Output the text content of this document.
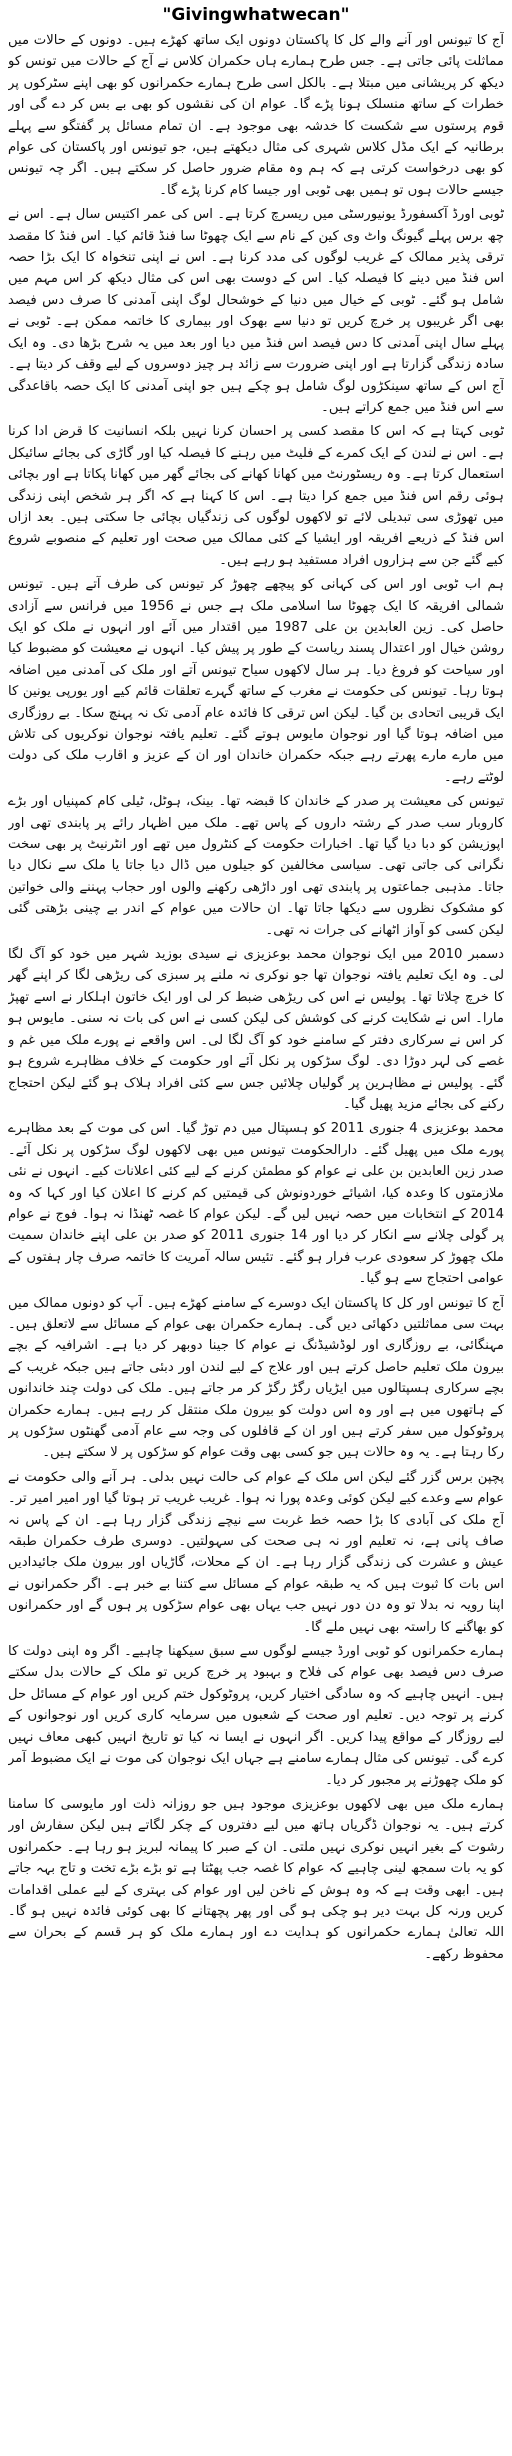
"Givingwhatwecan"

آج کا تیونس اور آنے والے کل کا پاکستان دونوں ایک ساتھ کھڑے ہیں۔ دونوں کے حالات میں مماثلت پائی جاتی ہے۔ جس طرح ہمارے ہاں حکمران کلاس نے آج کے حالات میں تونس کو دیکھ کر پریشانی میں مبتلا ہے۔ بالکل اسی طرح ہمارے حکمرانوں کو بھی اپنے سٹرکوں پر خطرات کے ساتھ منسلک ہونا پڑے گا۔ عوام ان کی نقشوں کو بھی بے بس کر دے گی اور قوم پرستوں سے شکست کا خدشہ بھی موجود ہے۔ ان تمام مسائل پر گفتگو سے پہلے برطانیہ کے ایک مڈل کلاس شہری کی مثال دیکھتے ہیں، جو تیونس اور پاکستان کی عوام کو بھی درخواست کرتی ہے کہ ہم وہ مقام ضرور حاصل کر سکتے ہیں۔ اگر چہ تیونس جیسے حالات ہوں تو ہمیں بھی ٹوبی اور جیسا کام کرنا پڑے گا۔

ٹوبی اورڈ آکسفورڈ یونیورسٹی میں ریسرچ کرتا ہے۔ اس کی عمر اکتیس سال ہے۔ اس نے چھ برس پہلے گیونگ واٹ وی کین کے نام سے ایک چھوٹا سا فنڈ قائم کیا۔ اس فنڈ کا مقصد ترقی پذیر ممالک کے غریب لوگوں کی مدد کرنا ہے۔ اس نے اپنی تنخواہ کا ایک بڑا حصہ اس فنڈ میں دینے کا فیصلہ کیا۔ اس کے دوست بھی اس کی مثال دیکھ کر اس مہم میں شامل ہو گئے۔ ٹوبی کے خیال میں دنیا کے خوشحال لوگ اپنی آمدنی کا صرف دس فیصد بھی اگر غریبوں پر خرچ کریں تو دنیا سے بھوک اور بیماری کا خاتمہ ممکن ہے۔ ٹوبی نے پہلے سال اپنی آمدنی کا دس فیصد اس فنڈ میں دیا اور بعد میں یہ شرح بڑھا دی۔ وہ ایک سادہ زندگی گزارتا ہے اور اپنی ضرورت سے زائد ہر چیز دوسروں کے لیے وقف کر دیتا ہے۔ آج اس کے ساتھ سینکڑوں لوگ شامل ہو چکے ہیں جو اپنی آمدنی کا ایک حصہ باقاعدگی سے اس فنڈ میں جمع کراتے ہیں۔

ٹوبی کہتا ہے کہ اس کا مقصد کسی پر احسان کرنا نہیں بلکہ انسانیت کا قرض ادا کرنا ہے۔ اس نے لندن کے ایک کمرے کے فلیٹ میں رہنے کا فیصلہ کیا اور گاڑی کی بجائے سائیکل استعمال کرتا ہے۔ وہ ریسٹورنٹ میں کھانا کھانے کی بجائے گھر میں کھانا پکاتا ہے اور بچائی ہوئی رقم اس فنڈ میں جمع کرا دیتا ہے۔ اس کا کہنا ہے کہ اگر ہر شخص اپنی زندگی میں تھوڑی سی تبدیلی لائے تو لاکھوں لوگوں کی زندگیاں بچائی جا سکتی ہیں۔ بعد ازاں اس فنڈ کے ذریعے افریقہ اور ایشیا کے کئی ممالک میں صحت اور تعلیم کے منصوبے شروع کیے گئے جن سے ہزاروں افراد مستفید ہو رہے ہیں۔

ہم اب ٹوبی اور اس کی کہانی کو پیچھے چھوڑ کر تیونس کی طرف آتے ہیں۔ تیونس شمالی افریقہ کا ایک چھوٹا سا اسلامی ملک ہے جس نے 1956 میں فرانس سے آزادی حاصل کی۔ زین العابدین بن علی 1987 میں اقتدار میں آئے اور انہوں نے ملک کو ایک روشن خیال اور اعتدال پسند ریاست کے طور پر پیش کیا۔ انہوں نے معیشت کو مضبوط کیا اور سیاحت کو فروغ دیا۔ ہر سال لاکھوں سیاح تیونس آتے اور ملک کی آمدنی میں اضافہ ہوتا رہا۔ تیونس کی حکومت نے مغرب کے ساتھ گہرے تعلقات قائم کیے اور یورپی یونین کا ایک قریبی اتحادی بن گیا۔ لیکن اس ترقی کا فائدہ عام آدمی تک نہ پہنچ سکا۔ بے روزگاری میں اضافہ ہوتا گیا اور نوجوان مایوس ہوتے گئے۔ تعلیم یافتہ نوجوان نوکریوں کی تلاش میں مارے مارے پھرتے رہے جبکہ حکمران خاندان اور ان کے عزیز و اقارب ملک کی دولت لوٹتے رہے۔

تیونس کی معیشت پر صدر کے خاندان کا قبضہ تھا۔ بینک، ہوٹل، ٹیلی کام کمپنیاں اور بڑے کاروبار سب صدر کے رشتہ داروں کے پاس تھے۔ ملک میں اظہار رائے پر پابندی تھی اور اپوزیشن کو دبا دیا گیا تھا۔ اخبارات حکومت کے کنٹرول میں تھے اور انٹرنیٹ پر بھی سخت نگرانی کی جاتی تھی۔ سیاسی مخالفین کو جیلوں میں ڈال دیا جاتا یا ملک سے نکال دیا جاتا۔ مذہبی جماعتوں پر پابندی تھی اور داڑھی رکھنے والوں اور حجاب پہننے والی خواتین کو مشکوک نظروں سے دیکھا جاتا تھا۔ ان حالات میں عوام کے اندر بے چینی بڑھتی گئی لیکن کسی کو آواز اٹھانے کی جرات نہ تھی۔

دسمبر 2010 میں ایک نوجوان محمد بوعزیزی نے سیدی بوزید شہر میں خود کو آگ لگا لی۔ وہ ایک تعلیم یافتہ نوجوان تھا جو نوکری نہ ملنے پر سبزی کی ریڑھی لگا کر اپنے گھر کا خرچ چلاتا تھا۔ پولیس نے اس کی ریڑھی ضبط کر لی اور ایک خاتون اہلکار نے اسے تھپڑ مارا۔ اس نے شکایت کرنے کی کوشش کی لیکن کسی نے اس کی بات نہ سنی۔ مایوس ہو کر اس نے سرکاری دفتر کے سامنے خود کو آگ لگا لی۔ اس واقعے نے پورے ملک میں غم و غصے کی لہر دوڑا دی۔ لوگ سڑکوں پر نکل آئے اور حکومت کے خلاف مظاہرے شروع ہو گئے۔ پولیس نے مظاہرین پر گولیاں چلائیں جس سے کئی افراد ہلاک ہو گئے لیکن احتجاج رکنے کی بجائے مزید پھیل گیا۔

محمد بوعزیزی 4 جنوری 2011 کو ہسپتال میں دم توڑ گیا۔ اس کی موت کے بعد مظاہرے پورے ملک میں پھیل گئے۔ دارالحکومت تیونس میں بھی لاکھوں لوگ سڑکوں پر نکل آئے۔ صدر زین العابدین بن علی نے عوام کو مطمئن کرنے کے لیے کئی اعلانات کیے۔ انہوں نے نئی ملازمتوں کا وعدہ کیا، اشیائے خوردونوش کی قیمتیں کم کرنے کا اعلان کیا اور کہا کہ وہ 2014 کے انتخابات میں حصہ نہیں لیں گے۔ لیکن عوام کا غصہ ٹھنڈا نہ ہوا۔ فوج نے عوام پر گولی چلانے سے انکار کر دیا اور 14 جنوری 2011 کو صدر بن علی اپنے خاندان سمیت ملک چھوڑ کر سعودی عرب فرار ہو گئے۔ تئیس سالہ آمریت کا خاتمہ صرف چار ہفتوں کے عوامی احتجاج سے ہو گیا۔

آج کا تیونس اور کل کا پاکستان ایک دوسرے کے سامنے کھڑے ہیں۔ آپ کو دونوں ممالک میں بہت سی مماثلتیں دکھائی دیں گی۔ ہمارے حکمران بھی عوام کے مسائل سے لاتعلق ہیں۔ مہنگائی، بے روزگاری اور لوڈشیڈنگ نے عوام کا جینا دوبھر کر دیا ہے۔ اشرافیہ کے بچے بیرون ملک تعلیم حاصل کرتے ہیں اور علاج کے لیے لندن اور دبئی جاتے ہیں جبکہ غریب کے بچے سرکاری ہسپتالوں میں ایڑیاں رگڑ رگڑ کر مر جاتے ہیں۔ ملک کی دولت چند خاندانوں کے ہاتھوں میں ہے اور وہ اس دولت کو بیرون ملک منتقل کر رہے ہیں۔ ہمارے حکمران پروٹوکول میں سفر کرتے ہیں اور ان کے قافلوں کی وجہ سے عام آدمی گھنٹوں سڑکوں پر رکا رہتا ہے۔ یہ وہ حالات ہیں جو کسی بھی وقت عوام کو سڑکوں پر لا سکتے ہیں۔

پچپن برس گزر گئے لیکن اس ملک کے عوام کی حالت نہیں بدلی۔ ہر آنے والی حکومت نے عوام سے وعدے کیے لیکن کوئی وعدہ پورا نہ ہوا۔ غریب غریب تر ہوتا گیا اور امیر امیر تر۔ آج ملک کی آبادی کا بڑا حصہ خط غربت سے نیچے زندگی گزار رہا ہے۔ ان کے پاس نہ صاف پانی ہے، نہ تعلیم اور نہ ہی صحت کی سہولتیں۔ دوسری طرف حکمران طبقہ عیش و عشرت کی زندگی گزار رہا ہے۔ ان کے محلات، گاڑیاں اور بیرون ملک جائیدادیں اس بات کا ثبوت ہیں کہ یہ طبقہ عوام کے مسائل سے کتنا بے خبر ہے۔ اگر حکمرانوں نے اپنا رویہ نہ بدلا تو وہ دن دور نہیں جب یہاں بھی عوام سڑکوں پر ہوں گے اور حکمرانوں کو بھاگنے کا راستہ بھی نہیں ملے گا۔

ہمارے حکمرانوں کو ٹوبی اورڈ جیسے لوگوں سے سبق سیکھنا چاہیے۔ اگر وہ اپنی دولت کا صرف دس فیصد بھی عوام کی فلاح و بہبود پر خرچ کریں تو ملک کے حالات بدل سکتے ہیں۔ انہیں چاہیے کہ وہ سادگی اختیار کریں، پروٹوکول ختم کریں اور عوام کے مسائل حل کرنے پر توجہ دیں۔ تعلیم اور صحت کے شعبوں میں سرمایہ کاری کریں اور نوجوانوں کے لیے روزگار کے مواقع پیدا کریں۔ اگر انہوں نے ایسا نہ کیا تو تاریخ انہیں کبھی معاف نہیں کرے گی۔ تیونس کی مثال ہمارے سامنے ہے جہاں ایک نوجوان کی موت نے ایک مضبوط آمر کو ملک چھوڑنے پر مجبور کر دیا۔

ہمارے ملک میں بھی لاکھوں بوعزیزی موجود ہیں جو روزانہ ذلت اور مایوسی کا سامنا کرتے ہیں۔ یہ نوجوان ڈگریاں ہاتھ میں لیے دفتروں کے چکر لگاتے ہیں لیکن سفارش اور رشوت کے بغیر انہیں نوکری نہیں ملتی۔ ان کے صبر کا پیمانہ لبریز ہو رہا ہے۔ حکمرانوں کو یہ بات سمجھ لینی چاہیے کہ عوام کا غصہ جب پھٹتا ہے تو بڑے بڑے تخت و تاج بہہ جاتے ہیں۔ ابھی وقت ہے کہ وہ ہوش کے ناخن لیں اور عوام کی بہتری کے لیے عملی اقدامات کریں ورنہ کل بہت دیر ہو چکی ہو گی اور پھر پچھتانے کا بھی کوئی فائدہ نہیں ہو گا۔ اللہ تعالیٰ ہمارے حکمرانوں کو ہدایت دے اور ہمارے ملک کو ہر قسم کے بحران سے محفوظ رکھے۔
